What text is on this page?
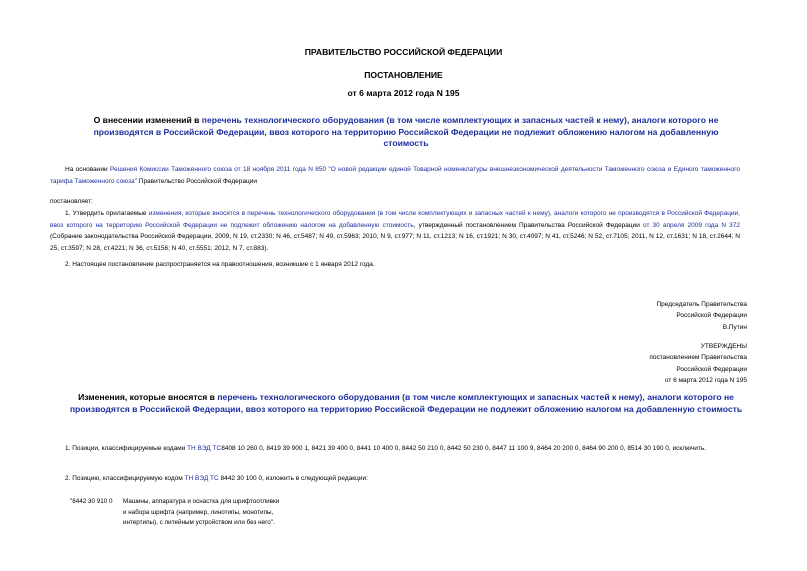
ПРАВИТЕЛЬСТВО РОССИЙСКОЙ ФЕДЕРАЦИИ
ПОСТАНОВЛЕНИЕ
от 6 марта 2012 года N 195
О внесении изменений в перечень технологического оборудования (в том числе комплектующих и запасных частей к нему), аналоги которого не производятся в Российской Федерации, ввоз которого на территорию Российской Федерации не подлежит обложению налогом на добавленную стоимость
На основании Решения Комиссии Таможенного союза от 18 ноября 2011 года N 850 "О новой редакции единой Товарной номенклатуры внешнеэкономической деятельности Таможенного союза и Единого таможенного тарифа Таможенного союза" Правительство Российской Федерации
постановляет:
1. Утвердить прилагаемые изменения, которые вносятся в перечень технологического оборудования (в том числе комплектующих и запасных частей к нему), аналоги которого не производятся в Российской Федерации, ввоз которого на территорию Российской Федерации не подлежит обложению налогом на добавленную стоимость, утвержденный постановлением Правительства Российской Федерации от 30 апреля 2009 года N 372 (Собрание законодательства Российской Федерации, 2009, N 19, ст.2330; N 46, ст.5487; N 49, ст.5963; 2010, N 9, ст.977; N 11, ст.1213; N 16, ст.1921; N 30, ст.4097; N 41, ст.5246; N 52, ст.7105; 2011, N 12, ст.1631; N 18, ст.2644; N 25, ст.3597; N 28, ст.4221; N 36, ст.5156; N 40, ст.5551; 2012, N 7, ст.883).
2. Настоящее постановление распространяется на правоотношения, возникшие с 1 января 2012 года.
Председатель Правительства
Российской Федерации
В.Путин
УТВЕРЖДЕНЫ
постановлением Правительства
Российской Федерации
от 6 марта 2012 года N 195
Изменения, которые вносятся в перечень технологического оборудования (в том числе комплектующих и запасных частей к нему), аналоги которого не производятся в Российской Федерации, ввоз которого на территорию Российской Федерации не подлежит обложению налогом на добавленную стоимость
1. Позиции, классифицируемые кодами ТН ВЭД ТС8408 10 260 0, 8419 39 900 1, 8421 39 400 0, 8441 10 400 0, 8442 50 210 0, 8442 50 230 0, 8447 11 100 9, 8464 20 200 0, 8464 90 200 0, 8514 30 190 0, исключить.
2. Позицию, классифицируемую кодом ТН ВЭД ТС 8442 30 100 0, изложить в следующей редакции:
"8442 30 910 0 Машины, аппаратура и оснастка для шрифтоотливки
и набора шрифта (например, линотипы, монотипы,
интертипы), с литейным устройством или без него".
